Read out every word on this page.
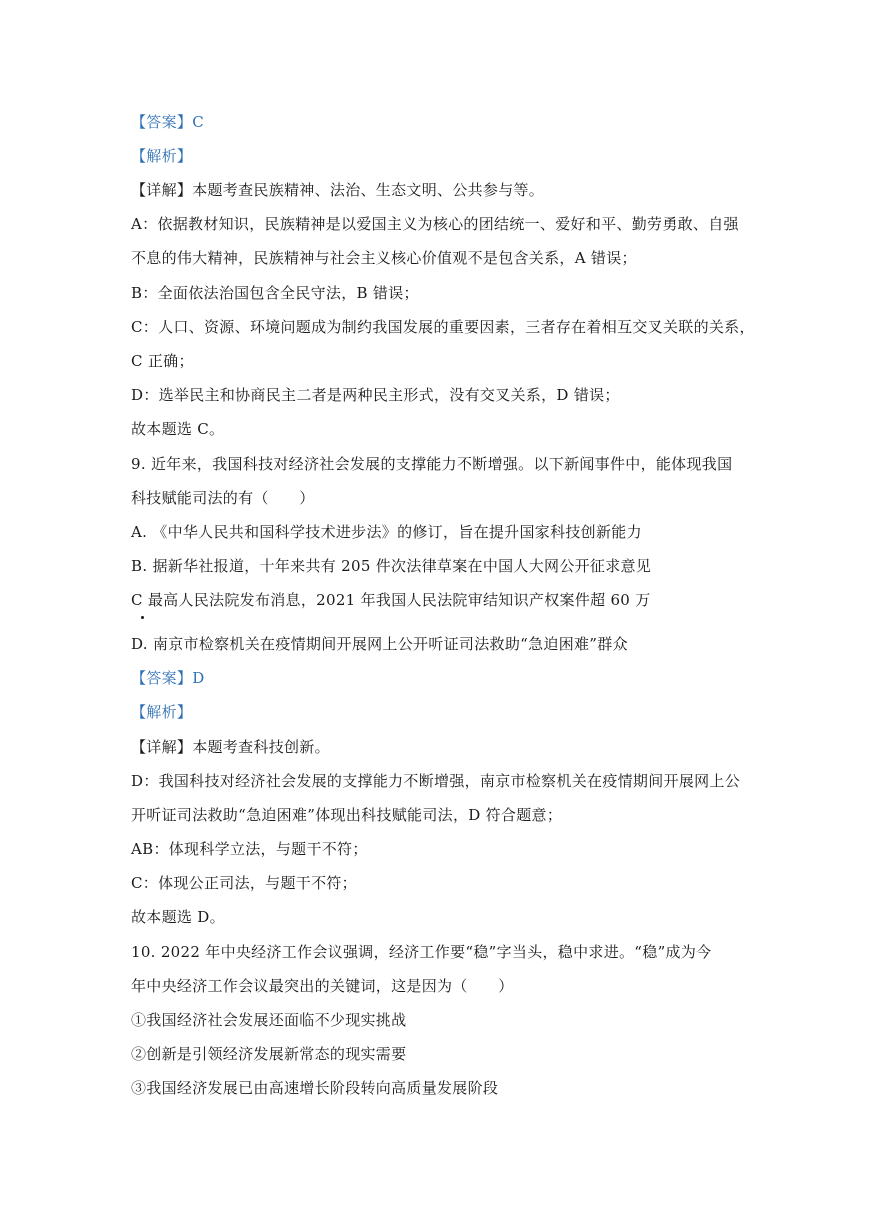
【答案】C
【解析】
【详解】本题考查民族精神、法治、生态文明、公共参与等。
A：依据教材知识，民族精神是以爱国主义为核心的团结统一、爱好和平、勤劳勇敢、自强
不息的伟大精神，民族精神与社会主义核心价值观不是包含关系，A 错误；
B：全面依法治国包含全民守法，B 错误；
C：人口、资源、环境问题成为制约我国发展的重要因素，三者存在着相互交叉关联的关系，
C 正确；
D：选举民主和协商民主二者是两种民主形式，没有交叉关系，D 错误；
故本题选 C。
9. 近年来，我国科技对经济社会发展的支撑能力不断增强。以下新闻事件中，能体现我国
科技赋能司法的有（　　）
A. 《中华人民共和国科学技术进步法》的修订，旨在提升国家科技创新能力
B. 据新华社报道，十年来共有 205 件次法律草案在中国人大网公开征求意见
C 最高人民法院发布消息，2021 年我国人民法院审结知识产权案件超 60 万
D. 南京市检察机关在疫情期间开展网上公开听证司法救助“急迫困难”群众
【答案】D
【解析】
【详解】本题考查科技创新。
D：我国科技对经济社会发展的支撑能力不断增强，南京市检察机关在疫情期间开展网上公
开听证司法救助“急迫困难”体现出科技赋能司法，D 符合题意；
AB：体现科学立法，与题干不符；
C：体现公正司法，与题干不符；
故本题选 D。
10. 2022 年中央经济工作会议强调，经济工作要“稳”字当头，稳中求进。“稳”成为今
年中央经济工作会议最突出的关键词，这是因为（　　）
①我国经济社会发展还面临不少现实挑战
②创新是引领经济发展新常态的现实需要
③我国经济发展已由高速增长阶段转向高质量发展阶段
